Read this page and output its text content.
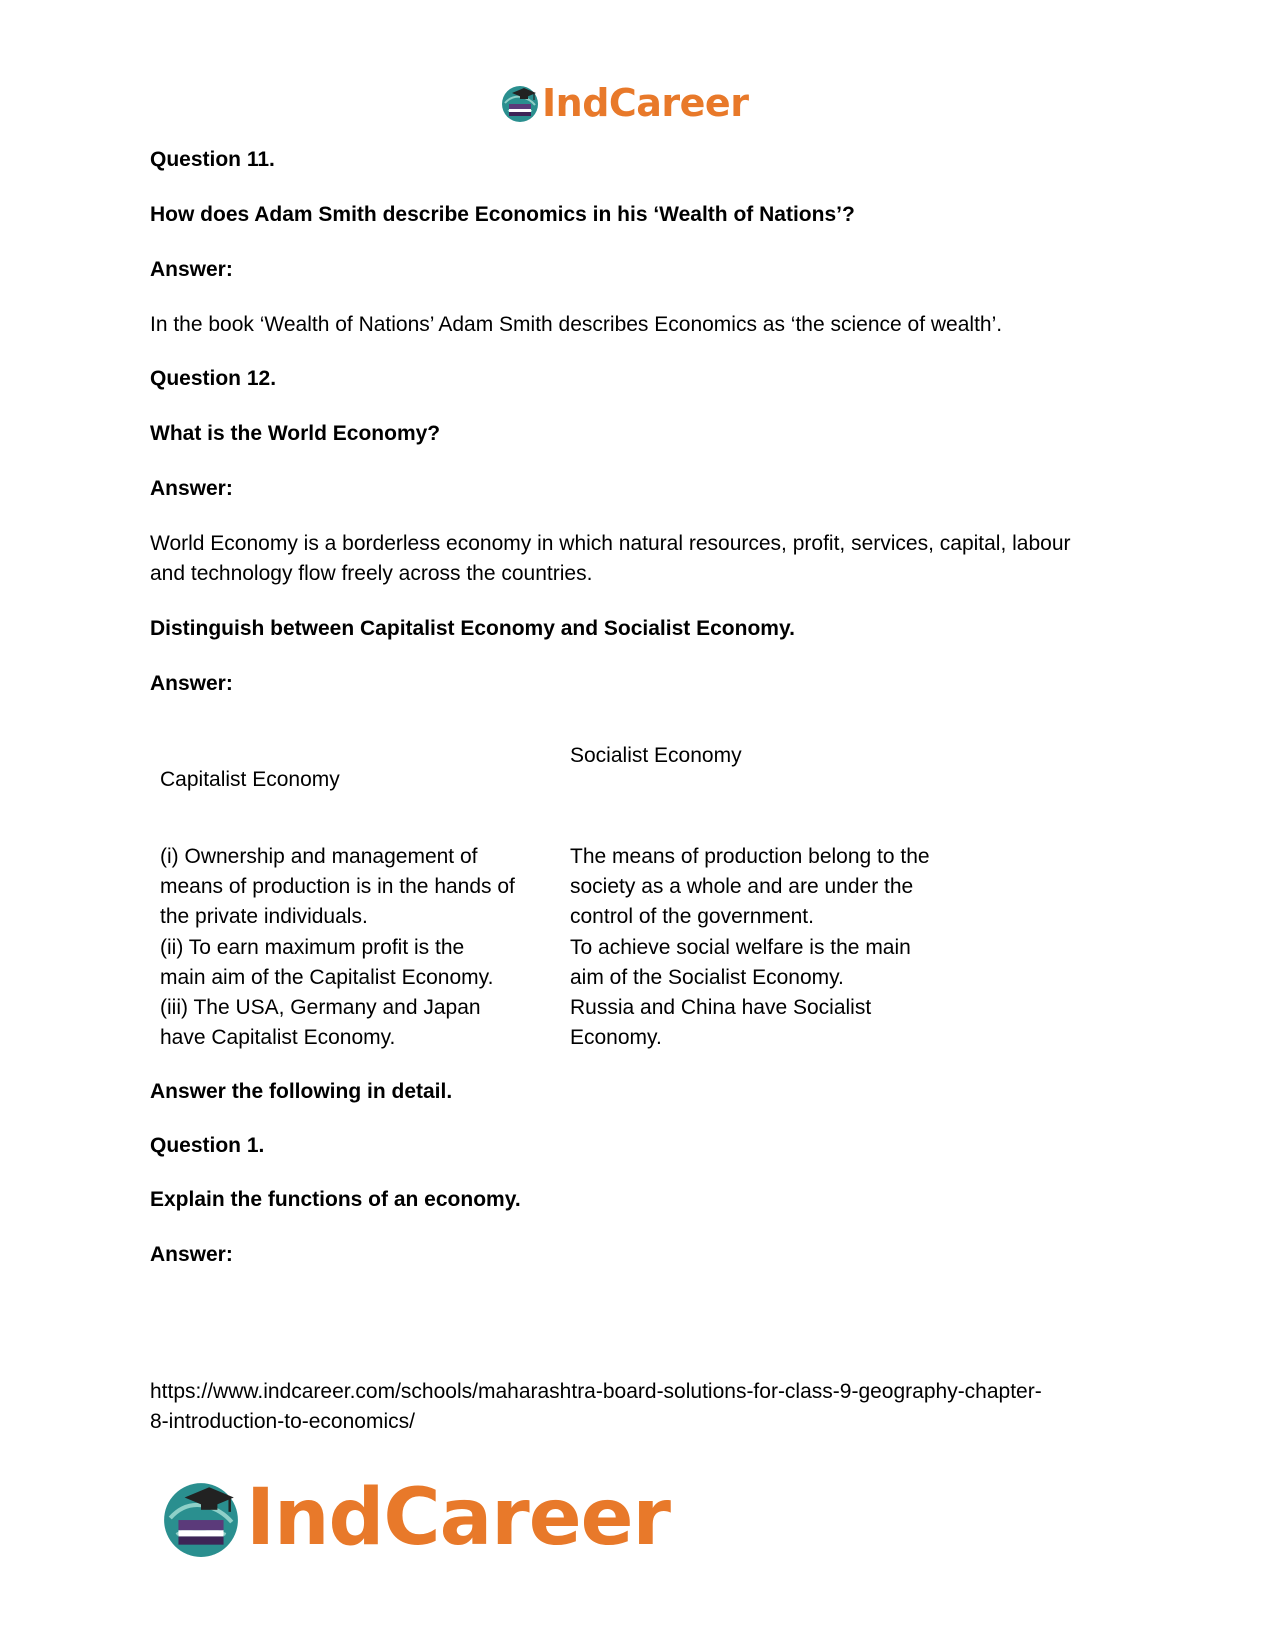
IndCareer

Question 11.

How does Adam Smith describe Economics in his ‘Wealth of Nations’?

Answer:

In the book ‘Wealth of Nations’ Adam Smith describes Economics as ‘the science of wealth’.

Question 12.

What is the World Economy?

Answer:

World Economy is a borderless economy in which natural resources, profit, services, capital, labour and technology flow freely across the countries.

Distinguish between Capitalist Economy and Socialist Economy.

Answer:

Capitalist Economy
Socialist Economy
(i) Ownership and management of
means of production is in the hands of
the private individuals.
(ii) To earn maximum profit is the
main aim of the Capitalist Economy.
(iii) The USA, Germany and Japan
have Capitalist Economy.
The means of production belong to the
society as a whole and are under the
control of the government.
To achieve social welfare is the main
aim of the Socialist Economy.
Russia and China have Socialist
Economy.

Answer the following in detail.

Question 1.

Explain the functions of an economy.

Answer:

https://www.indcareer.com/schools/maharashtra-board-solutions-for-class-9-geography-chapter-

8-introduction-to-economics/

IndCareer
